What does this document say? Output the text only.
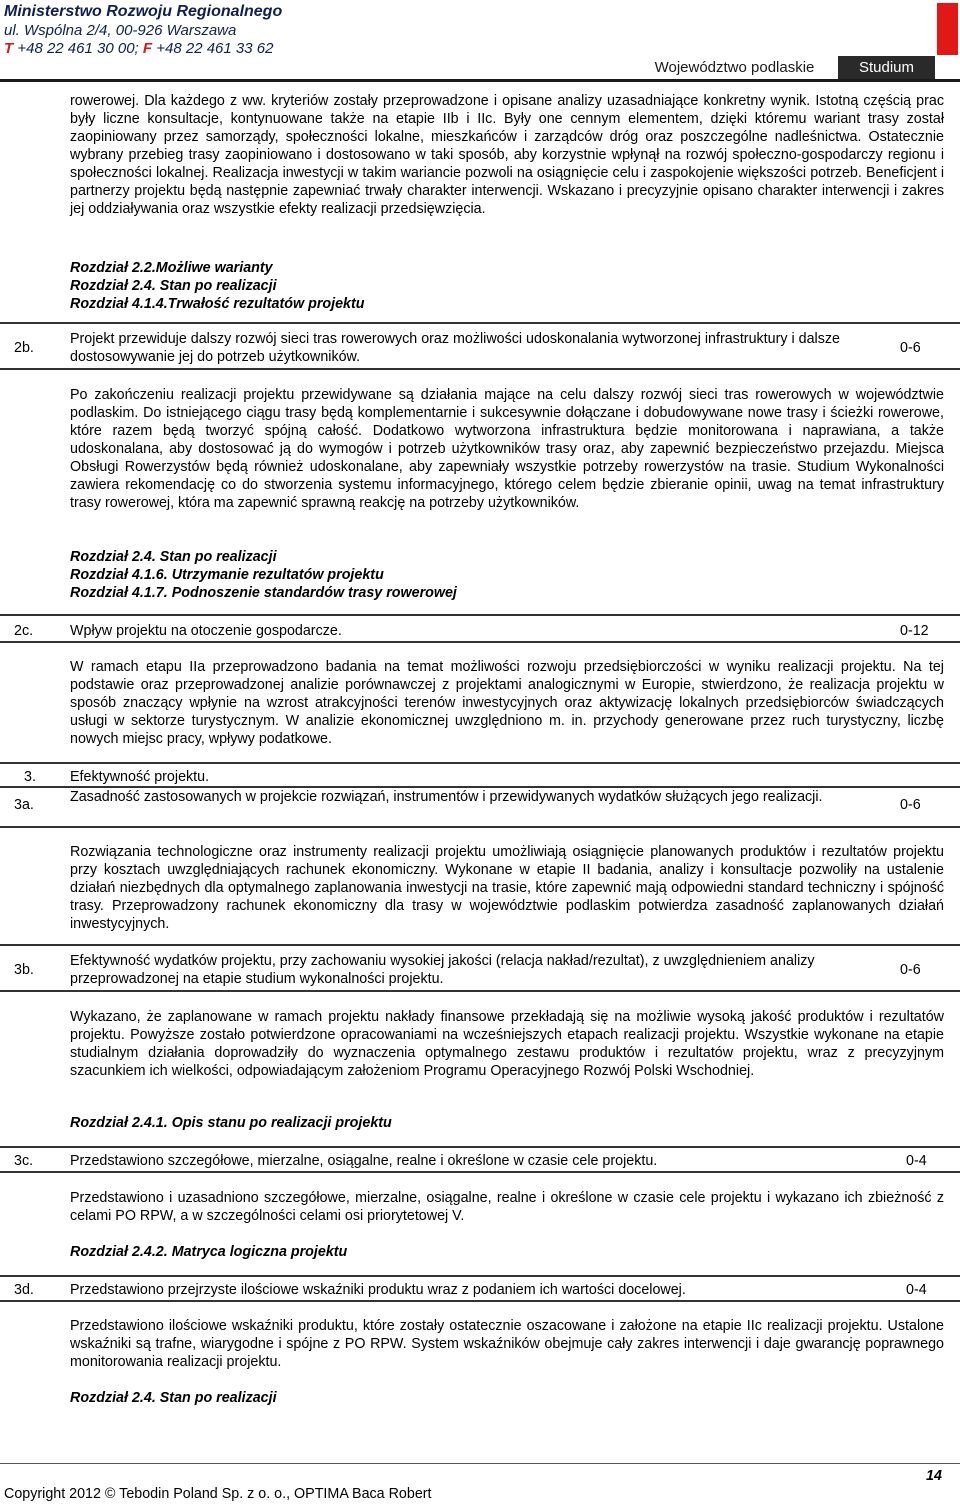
Ministerstwo Rozwoju Regionalnego
ul. Wspólna 2/4, 00-926 Warszawa
T +48 22 461 30 00; F +48 22 461 33 62
Województwo podlaskie	Studium

rowerowej. Dla każdego z ww. kryteriów zostały przeprowadzone i opisane analizy uzasadniające konkretny wynik. Istotną częścią prac były liczne konsultacje, kontynuowane także na etapie IIb i IIc. Były one cennym elementem, dzięki któremu wariant trasy został zaopiniowany przez samorządy, społeczności lokalne, mieszkańców i zarządców dróg oraz poszczególne nadleśnictwa. Ostatecznie wybrany przebieg trasy zaopiniowano i dostosowano w taki sposób, aby korzystnie wpłynął na rozwój społeczno-gospodarczy regionu i społeczności lokalnej. Realizacja inwestycji w takim wariancie pozwoli na osiągnięcie celu i zaspokojenie większości potrzeb. Beneficjent i partnerzy projektu będą następnie zapewniać trwały charakter interwencji. Wskazano i precyzyjnie opisano charakter interwencji i zakres jej oddziaływania oraz wszystkie efekty realizacji przedsięwzięcia.

Rozdział 2.2.Możliwe warianty
Rozdział 2.4. Stan po realizacji
Rozdział 4.1.4.Trwałość rezultatów projektu
2b.
Projekt przewiduje dalszy rozwój sieci tras rowerowych oraz możliwości udoskonalania wytworzonej infrastruktury i dalsze dostosowywanie jej do potrzeb użytkowników.
0-6

Po zakończeniu realizacji projektu przewidywane są działania mające na celu dalszy rozwój sieci tras rowerowych w województwie podlaskim. Do istniejącego ciągu trasy będą komplementarnie i sukcesywnie dołączane i dobudowywane nowe trasy i ścieżki rowerowe, które razem będą tworzyć spójną całość. Dodatkowo wytworzona infrastruktura będzie monitorowana i naprawiana, a także udoskonalana, aby dostosować ją do wymogów i potrzeb użytkowników trasy oraz, aby zapewnić bezpieczeństwo przejazdu. Miejsca Obsługi Rowerzystów będą również udoskonalane, aby zapewniały wszystkie potrzeby rowerzystów na trasie. Studium Wykonalności zawiera rekomendację co do stworzenia systemu informacyjnego, którego celem będzie zbieranie opinii, uwag na temat infrastruktury trasy rowerowej, która ma zapewnić sprawną reakcję na potrzeby użytkowników.

Rozdział 2.4. Stan po realizacji
Rozdział 4.1.6. Utrzymanie rezultatów projektu
Rozdział 4.1.7. Podnoszenie standardów trasy rowerowej
2c.	Wpływ projektu na otoczenie gospodarcze.	0-12

W ramach etapu IIa przeprowadzono badania na temat możliwości rozwoju przedsiębiorczości w wyniku realizacji projektu. Na tej podstawie oraz przeprowadzonej analizie porównawczej z projektami analogicznymi w Europie, stwierdzono, że realizacja projektu w sposób znaczący wpłynie na wzrost atrakcyjności terenów inwestycyjnych oraz aktywizację lokalnych przedsiębiorców świadczących usługi w sektorze turystycznym. W analizie ekonomicznej uwzględniono m. in. przychody generowane przez ruch turystyczny, liczbę nowych miejsc pracy, wpływy podatkowe.

3. Efektywność projektu.
3a.	Zasadność zastosowanych w projekcie rozwiązań, instrumentów i przewidywanych wydatków służących jego realizacji.	0-6

Rozwiązania technologiczne oraz instrumenty realizacji projektu umożliwiają osiągnięcie planowanych produktów i rezultatów projektu przy kosztach uwzględniających rachunek ekonomiczny. Wykonane w etapie II badania, analizy i konsultacje pozwoliły na ustalenie działań niezbędnych dla optymalnego zaplanowania inwestycji na trasie, które zapewnić mają odpowiedni standard techniczny i spójność trasy. Przeprowadzony rachunek ekonomiczny dla trasy w województwie podlaskim potwierdza zasadność zaplanowanych działań inwestycyjnych.

3b.
Efektywność wydatków projektu, przy zachowaniu wysokiej jakości (relacja nakład/rezultat), z uwzględnieniem analizy przeprowadzonej na etapie studium wykonalności projektu.
0-6

Wykazano, że zaplanowane w ramach projektu nakłady finansowe przekładają się na możliwie wysoką jakość produktów i rezultatów projektu. Powyższe zostało potwierdzone opracowaniami na wcześniejszych etapach realizacji projektu. Wszystkie wykonane na etapie studialnym działania doprowadziły do wyznaczenia optymalnego zestawu produktów i rezultatów projektu, wraz z precyzyjnym szacunkiem ich wielkości, odpowiadającym założeniom Programu Operacyjnego Rozwój Polski Wschodniej.

Rozdział 2.4.1. Opis stanu po realizacji projektu
3c.	Przedstawiono szczegółowe, mierzalne, osiągalne, realne i określone w czasie cele projektu.	0-4

Przedstawiono i uzasadniono szczegółowe, mierzalne, osiągalne, realne i określone w czasie cele projektu i wykazano ich zbieżność z celami PO RPW, a w szczególności celami osi priorytetowej V.

Rozdział 2.4.2. Matryca logiczna projektu
3d.	Przedstawiono przejrzyste ilościowe wskaźniki produktu wraz z podaniem ich wartości docelowej.	0-4

Przedstawiono ilościowe wskaźniki produktu, które zostały ostatecznie oszacowane i założone na etapie IIc realizacji projektu. Ustalone wskaźniki są trafne, wiarygodne i spójne z PO RPW. System wskaźników obejmuje cały zakres interwencji i daje gwarancję poprawnego monitorowania realizacji projektu.

Rozdział 2.4. Stan po realizacji
14
Copyright 2012 © Tebodin Poland Sp. z o. o., OPTIMA Baca Robert
